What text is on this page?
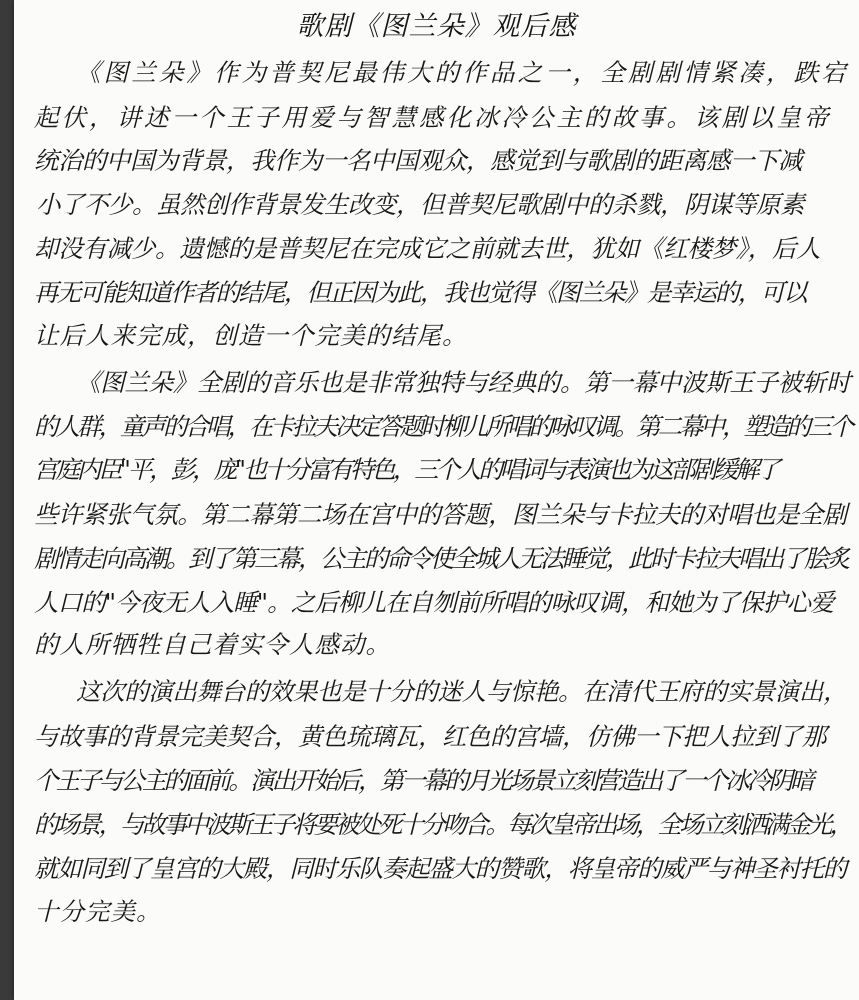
歌剧《图兰朵》观后感
《图兰朵》作为普契尼最伟大的作品之一，全剧剧情紧凑，跌宕
起伏，讲述一个王子用爱与智慧感化冰冷公主的故事。该剧以皇帝
统治的中国为背景，我作为一名中国观众，感觉到与歌剧的距离感一下减
小了不少。虽然创作背景发生改变，但普契尼歌剧中的杀戮，阴谋等原素
却没有减少。遗憾的是普契尼在完成它之前就去世，犹如《红楼梦》，后人
再无可能知道作者的结尾，但正因为此，我也觉得《图兰朵》是幸运的，可以
让后人来完成，创造一个完美的结尾。
《图兰朵》全剧的音乐也是非常独特与经典的。第一幕中波斯王子被斩时
的人群，童声的合唱，在卡拉夫决定答题时柳儿所唱的咏叹调。第二幕中，塑造的三个
宫庭内臣"平，彭，庞"也十分富有特色，三个人的唱词与表演也为这部剧缓解了
些许紧张气氛。第二幕第二场在宫中的答题，图兰朵与卡拉夫的对唱也是全剧
剧情走向高潮。到了第三幕，公主的命令使全城人无法睡觉，此时卡拉夫唱出了脍炙
人口的"今夜无人入睡"。之后柳儿在自刎前所唱的咏叹调，和她为了保护心爱
的人所牺牲自己着实令人感动。
这次的演出舞台的效果也是十分的迷人与惊艳。在清代王府的实景演出，
与故事的背景完美契合，黄色琉璃瓦，红色的宫墙，仿佛一下把人拉到了那
个王子与公主的面前。演出开始后，第一幕的月光场景立刻营造出了一个冰冷阴暗
的场景，与故事中波斯王子将要被处死十分吻合。每次皇帝出场，全场立刻洒满金光，
就如同到了皇宫的大殿，同时乐队奏起盛大的赞歌，将皇帝的威严与神圣衬托的
十分完美。
